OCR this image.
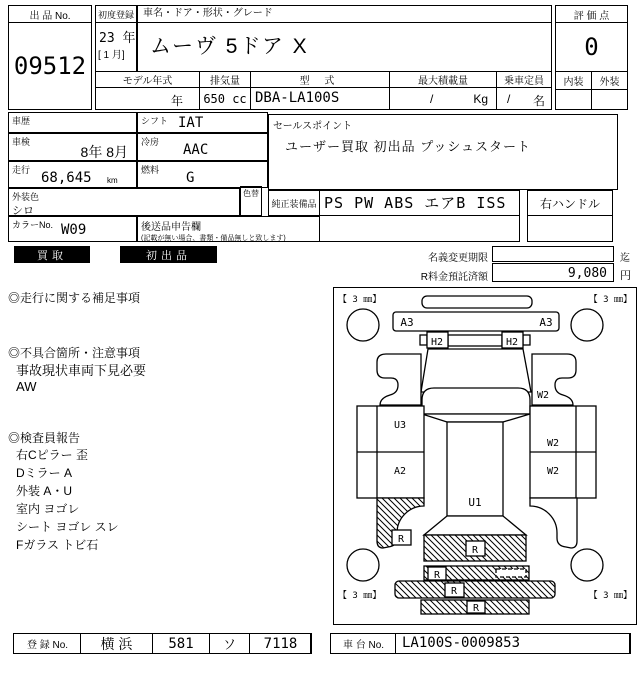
出 品 No.
09512
初度登録
23 年
[ 1 月]
車名・ドア・形状・グレード
ムーヴ 5ドア X
評 価 点
0
モデル年式
年
排気量
650 cc
型 式
DBA-LA100S
最大積載量
/	Kg
乗車定員
/ 名
内装	外装
車歴	シフト IAT
車検
8年 8月
冷房 AAC
走行 68,645 km
燃料 G
外装色
シロ
色替
カラーNo. W09	後送品申告欄
(記載が無い場合、書類・備品無しと致します)
セールスポイント
ユーザー買取 初出品 プッシュスタート
純正装備品 PS PW ABS エアB ISS	右ハンドル
買取	初出品	名義変更期限	迄
R料金預託済額	9,080	円
◎走行に関する補足事項
◎不具合箇所・注意事項
事故現状車両下見必要
AW
◎検査員報告
右Cピラー 歪
Dミラー A
外装 A・U
室内 ヨゴレ
シート ヨゴレ スレ
Fガラス トビ石
【 3 ㎜】	【 3 ㎜】
【 3 ㎜】	【 3 ㎜】
A3	A3
H2	H2
W2
U3
A2
W2
W2
U1
R
R
R
R
R
登 録 No.	横 浜	581	ソ	7118	車 台 No.	LA100S-0009853
